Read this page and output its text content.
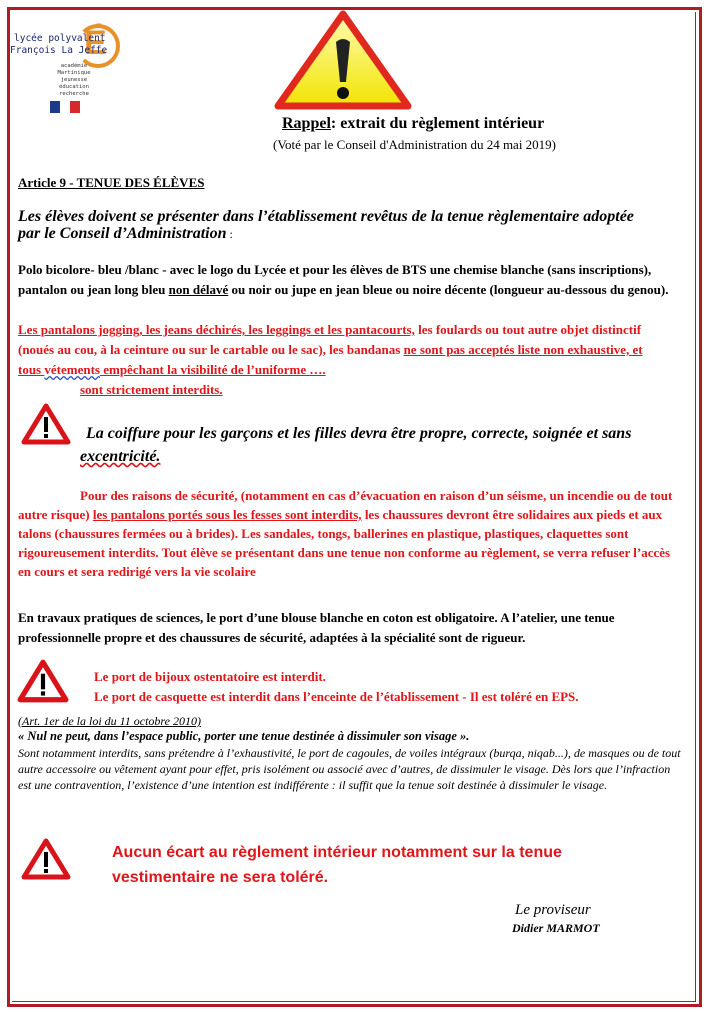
É
lycée polyvalent
François La Jeffe
académie
Martinique
jeunesse
éducation
recherche
Rappel: extrait du règlement intérieur
(Voté par le Conseil d'Administration du 24 mai 2019)
Article 9 - TENUE DES ÉLÈVES
Les élèves doivent se présenter dans l’établissement revêtus de la tenue règlementaire adoptée par le Conseil d’Administration :
Polo bicolore- bleu /blanc - avec le logo du Lycée et pour les élèves de BTS une chemise blanche (sans inscriptions), pantalon ou jean long bleu non délavé ou noir ou jupe en jean bleue ou noire décente (longueur au-dessous du genou).
Les pantalons jogging, les jeans déchirés, les leggings et les pantacourts, les foulards ou tout autre objet distinctif (noués au cou, à la ceinture ou sur le cartable ou le sac), les bandanas ne sont pas acceptés liste non exhaustive, et tous vétements empêchant la visibilité de l’uniforme ….
sont strictement interdits.
La coiffure pour les garçons et les filles devra être propre, correcte, soignée et sans excentricité.
Pour des raisons de sécurité, (notamment en cas d’évacuation en raison d’un séisme, un incendie ou de tout autre risque) les pantalons portés sous les fesses sont interdits, les chaussures devront être solidaires aux pieds et aux talons (chaussures fermées ou à brides). Les sandales, tongs, ballerines en plastique, plastiques, claquettes sont rigoureusement interdits. Tout élève se présentant dans une tenue non conforme au règlement, se verra refuser l’accès en cours et sera redirigé vers la vie scolaire
En travaux pratiques de sciences, le port d’une blouse blanche en coton est obligatoire. A l’atelier, une tenue professionnelle propre et des chaussures de sécurité, adaptées à la spécialité sont de rigueur.
Le port de bijoux ostentatoire est interdit.
Le port de casquette est interdit dans l’enceinte de l’établissement - Il est toléré en EPS.
(Art. 1er de la loi du 11 octobre 2010)
« Nul ne peut, dans l’espace public, porter une tenue destinée à dissimuler son visage ».
Sont notamment interdits, sans prétendre à l’exhaustivité, le port de cagoules, de voiles intégraux (burqa, niqab...), de masques ou de tout autre accessoire ou vêtement ayant pour effet, pris isolément ou associé avec d’autres, de dissimuler le visage. Dès lors que l’infraction est une contravention, l’existence d’une intention est indifférente : il suffit que la tenue soit destinée à dissimuler le visage.
Aucun écart au règlement intérieur notamment sur la tenue vestimentaire ne sera toléré.
Le proviseur
Didier MARMOT
